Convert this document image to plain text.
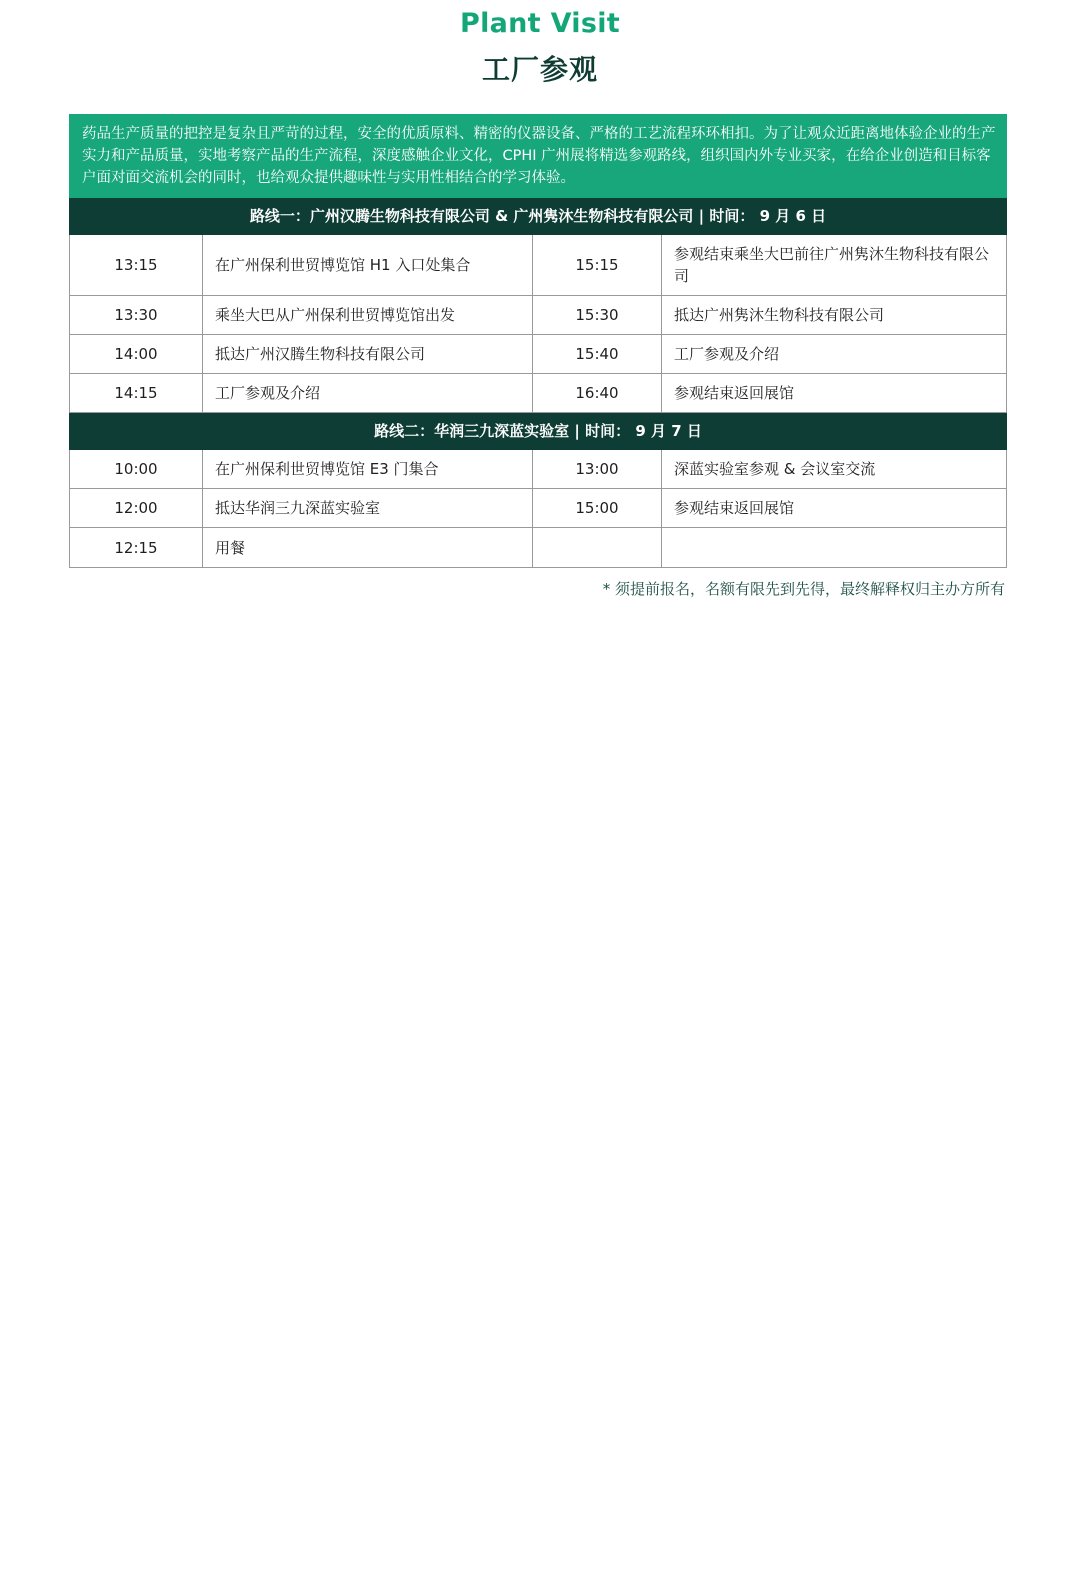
Plant Visit
工厂参观
药品生产质量的把控是复杂且严苛的过程，安全的优质原料、精密的仪器设备、严格的工艺流程环环相扣。为了让观众近距离地体验企业的生产实力和产品质量，实地考察产品的生产流程，深度感触企业文化，CPHI 广州展将精选参观路线，组织国内外专业买家，在给企业创造和目标客户面对面交流机会的同时，也给观众提供趣味性与实用性相结合的学习体验。			
路线一：广州汉腾生物科技有限公司 & 广州隽沐生物科技有限公司 | 时间： 9 月 6 日			
13:15	在广州保利世贸博览馆 H1 入口处集合	15:15	参观结束乘坐大巴前往广州隽沐生物科技有限公司
13:30	乘坐大巴从广州保利世贸博览馆出发	15:30	抵达广州隽沐生物科技有限公司
14:00	抵达广州汉腾生物科技有限公司	15:40	工厂参观及介绍
14:15	工厂参观及介绍	16:40	参观结束返回展馆
路线二：华润三九深蓝实验室 | 时间： 9 月 7 日			
10:00	在广州保利世贸博览馆 E3 门集合	13:00	深蓝实验室参观 & 会议室交流
12:00	抵达华润三九深蓝实验室	15:00	参观结束返回展馆
12:15	用餐		
* 须提前报名，名额有限先到先得，最终解释权归主办方所有
